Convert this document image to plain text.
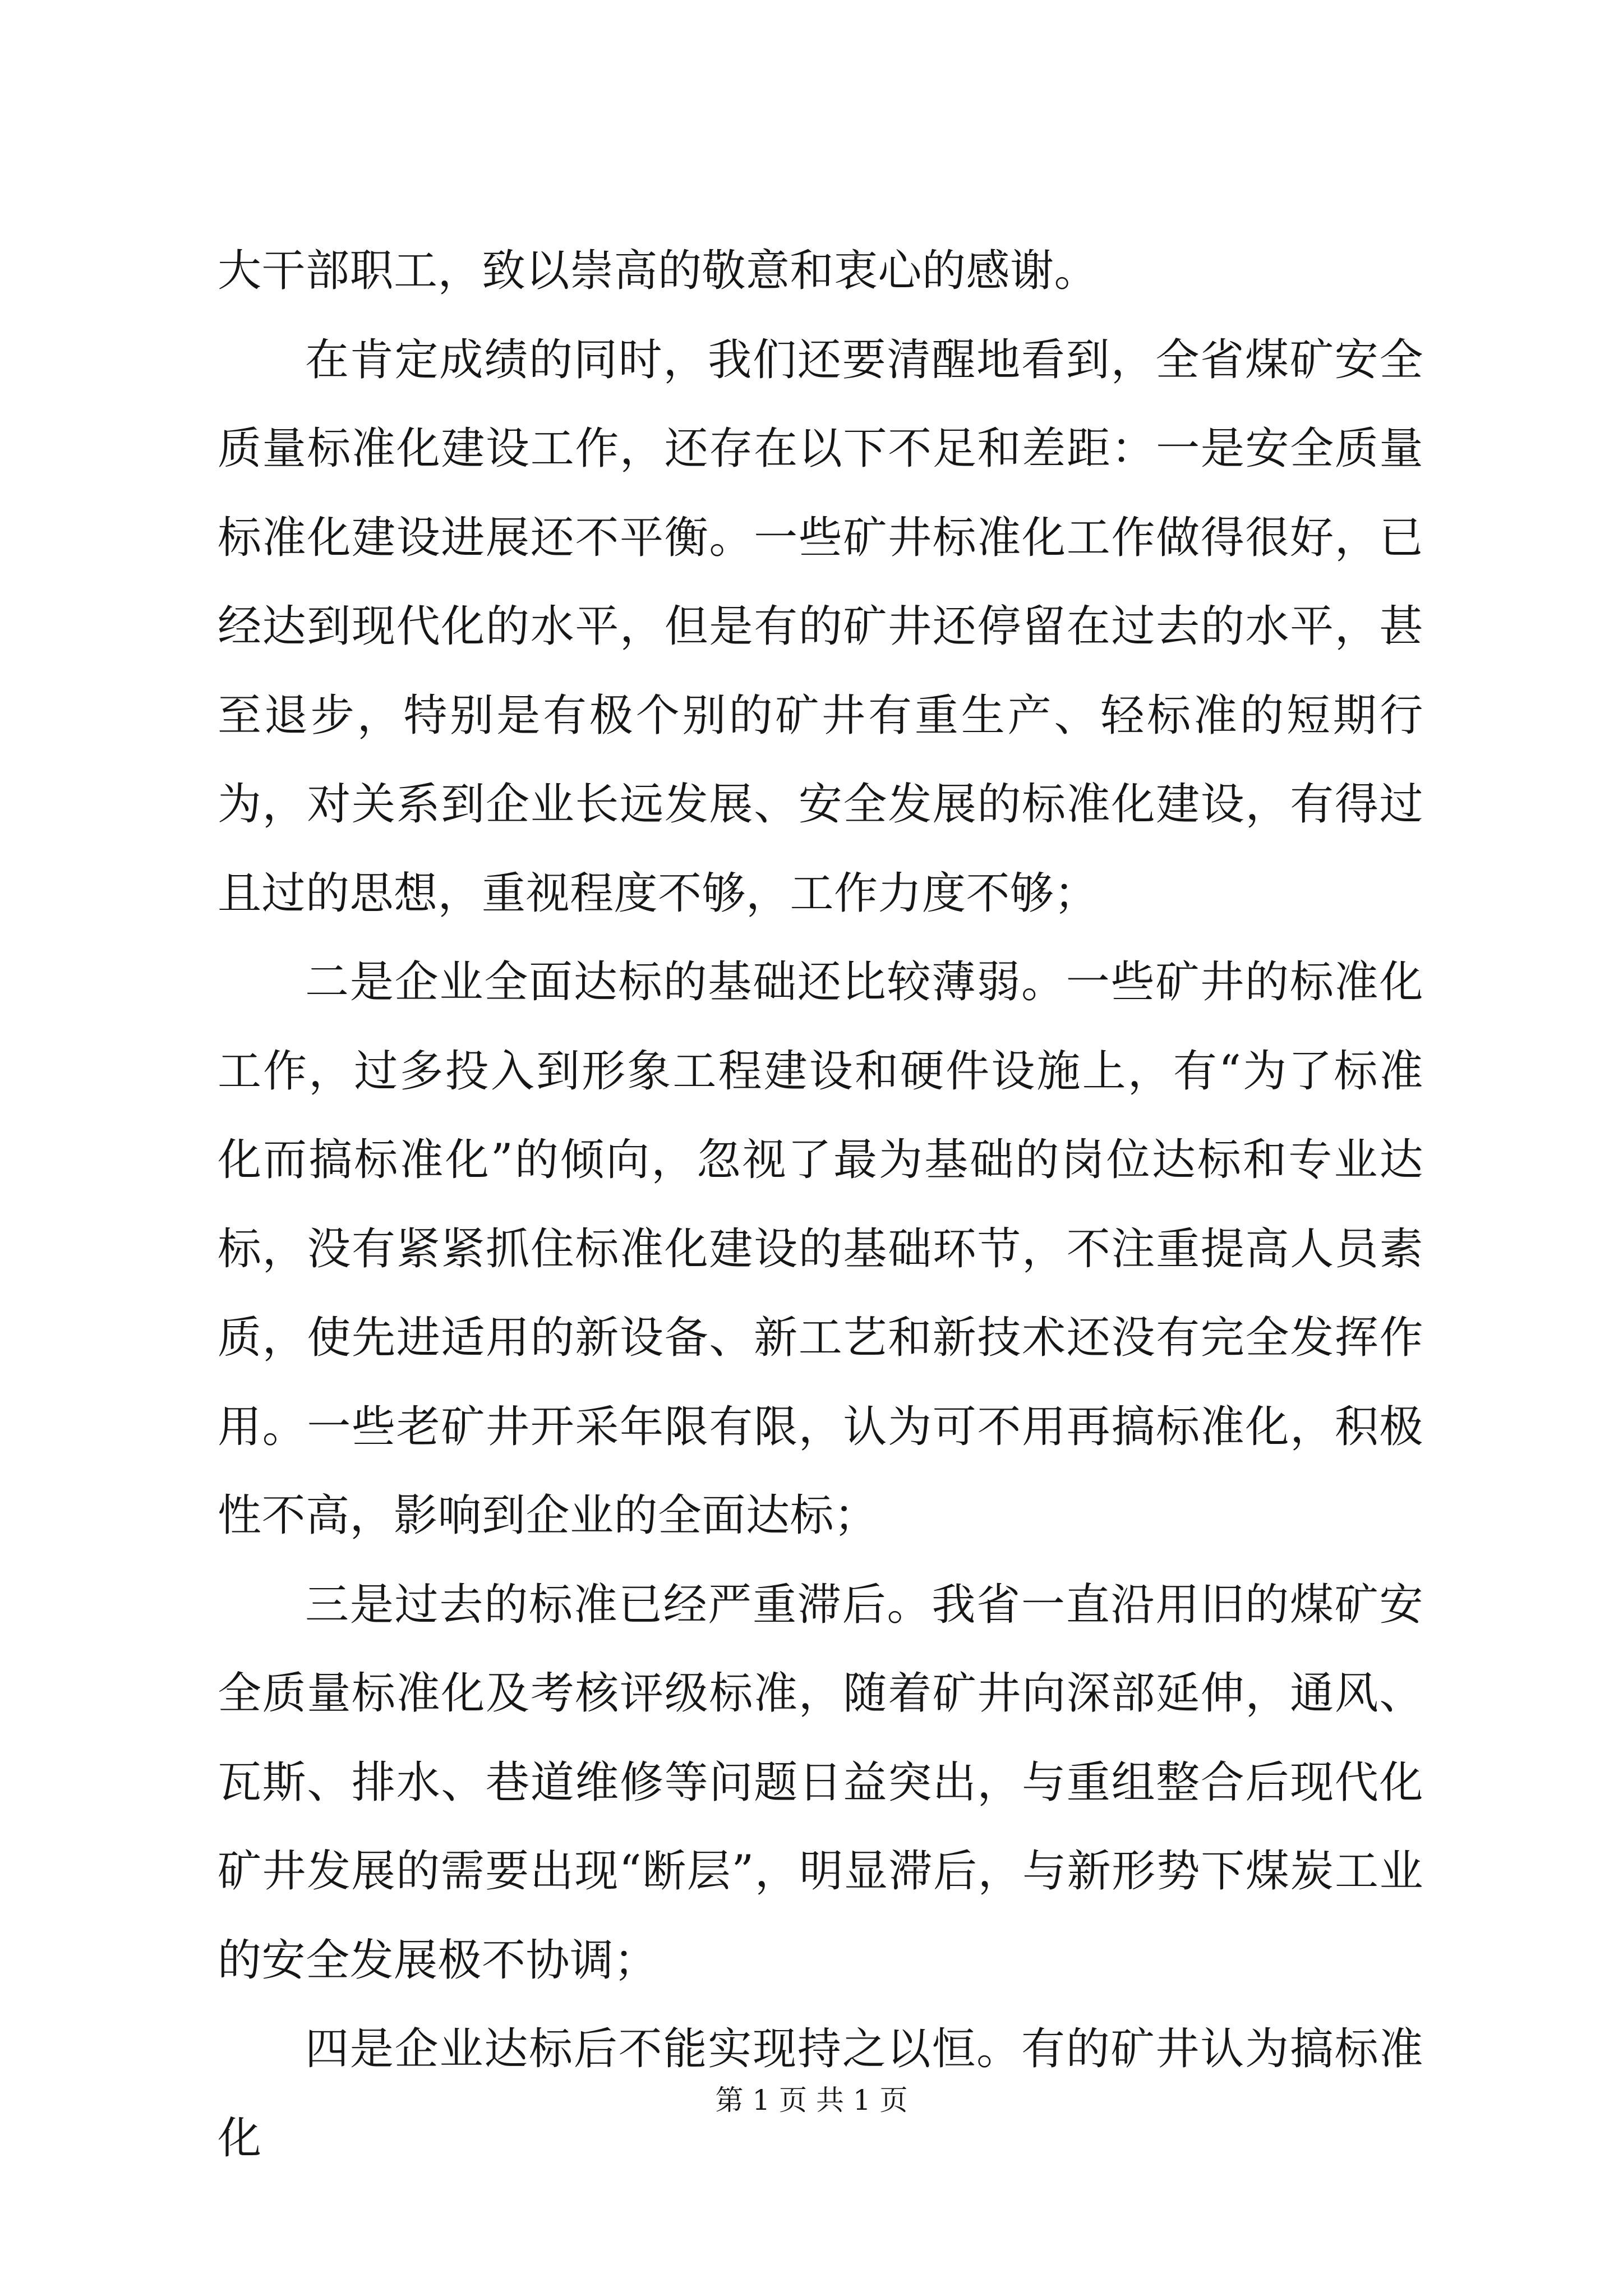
大干部职工，致以崇高的敬意和衷心的感谢。

在肯定成绩的同时，我们还要清醒地看到，全省煤矿安全质量标准化建设工作，还存在以下不足和差距：一是安全质量标准化建设进展还不平衡。一些矿井标准化工作做得很好，已经达到现代化的水平，但是有的矿井还停留在过去的水平，甚至退步，特别是有极个别的矿井有重生产、轻标准的短期行为，对关系到企业长远发展、安全发展的标准化建设，有得过且过的思想，重视程度不够，工作力度不够；

二是企业全面达标的基础还比较薄弱。一些矿井的标准化工作，过多投入到形象工程建设和硬件设施上，有“为了标准化而搞标准化”的倾向，忽视了最为基础的岗位达标和专业达标，没有紧紧抓住标准化建设的基础环节，不注重提高人员素质，使先进适用的新设备、新工艺和新技术还没有完全发挥作用。一些老矿井开采年限有限，认为可不用再搞标准化，积极性不高，影响到企业的全面达标；

三是过去的标准已经严重滞后。我省一直沿用旧的煤矿安全质量标准化及考核评级标准，随着矿井向深部延伸，通风、瓦斯、排水、巷道维修等问题日益突出，与重组整合后现代化矿井发展的需要出现“断层”，明显滞后，与新形势下煤炭工业的安全发展极不协调；

四是企业达标后不能实现持之以恒。有的矿井认为搞标准化

第 1 页 共 1 页
